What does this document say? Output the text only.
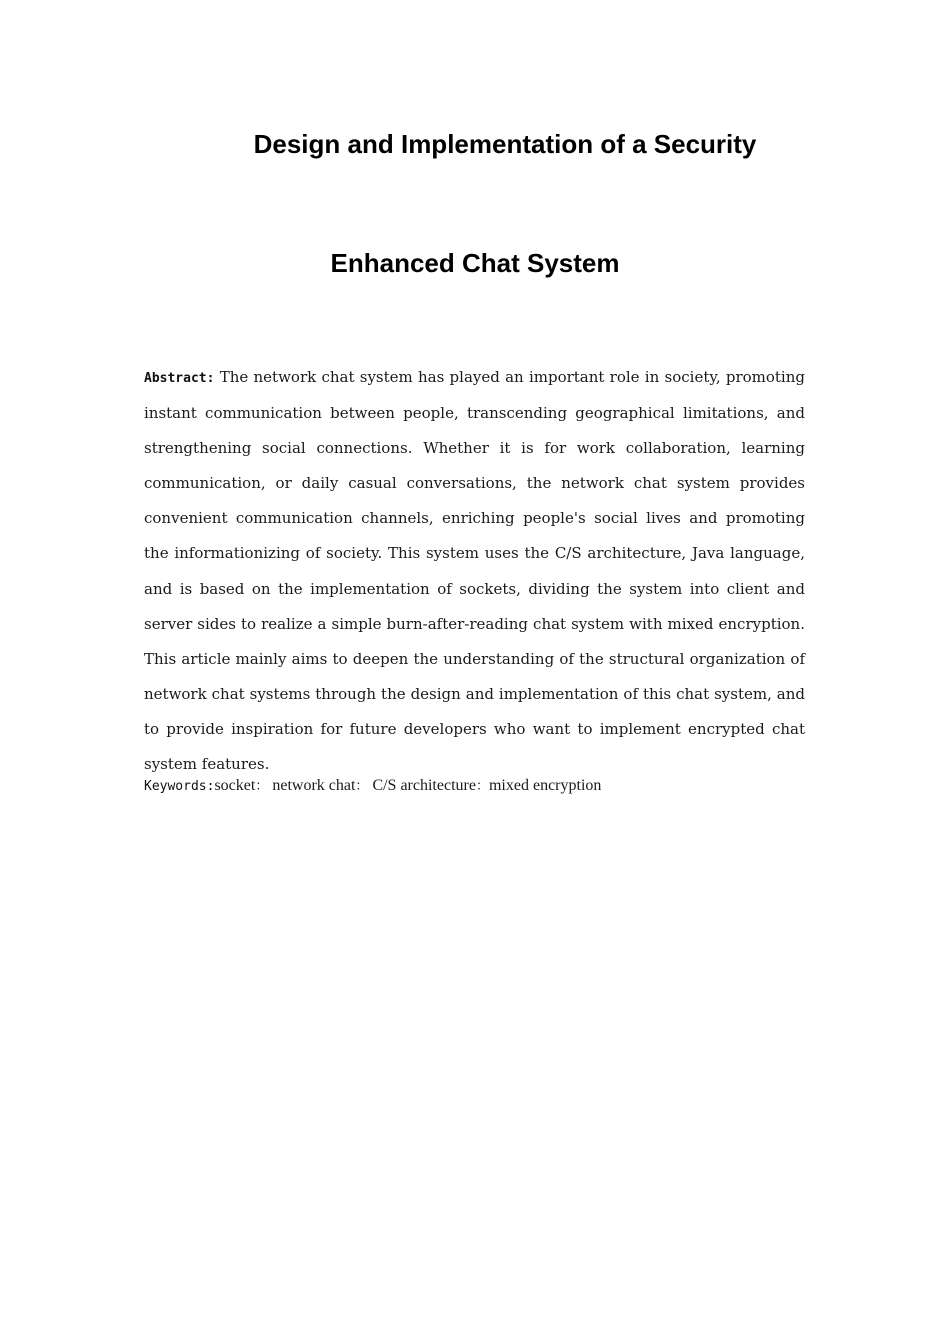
Design and Implementation of a Security
Enhanced Chat System

Abstract: The network chat system has played an important role in society, promoting instant communication between people, transcending geographical limitations, and strengthening social connections. Whether it is for work collaboration, learning communication, or daily casual conversations, the network chat system provides convenient communication channels, enriching people's social lives and promoting the informationizing of society. This system uses the C/S architecture, Java language, and is based on the implementation of sockets, dividing the system into client and server sides to realize a simple burn-after-reading chat system with mixed encryption. This article mainly aims to deepen the understanding of the structural organization of network chat systems through the design and implementation of this chat system, and to provide inspiration for future developers who want to implement encrypted chat system features.

Keywords:socket： network chat： C/S architecture：mixed encryption
